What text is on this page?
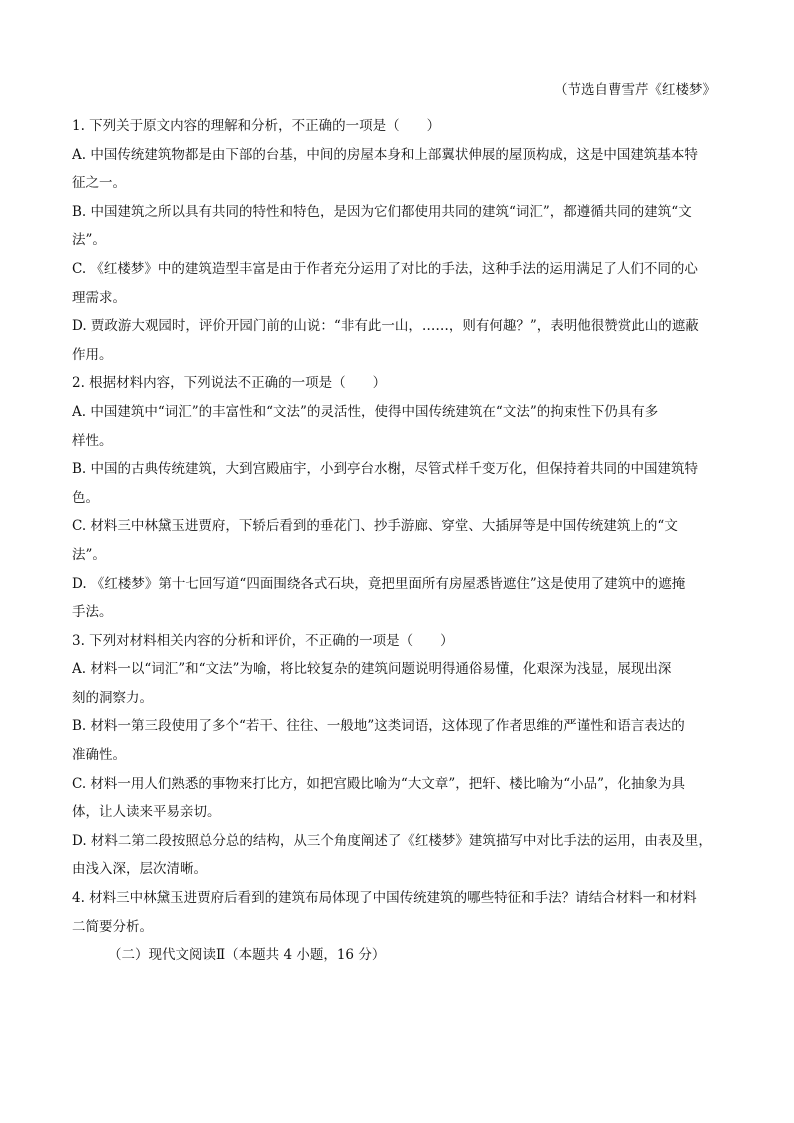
（节选自曹雪芹《红楼梦》
1. 下列关于原文内容的理解和分析，不正确的一项是（　　）
A. 中国传统建筑物都是由下部的台基，中间的房屋本身和上部翼状伸展的屋顶构成，这是中国建筑基本特
征之一。
B. 中国建筑之所以具有共同的特性和特色，是因为它们都使用共同的建筑“词汇”，都遵循共同的建筑“文
法”。
C. 《红楼梦》中的建筑造型丰富是由于作者充分运用了对比的手法，这种手法的运用满足了人们不同的心
理需求。
D. 贾政游大观园时，评价开园门前的山说：“非有此一山，……，则有何趣？”，表明他很赞赏此山的遮蔽
作用。
2. 根据材料内容，下列说法不正确的一项是（　　）
A. 中国建筑中“词汇”的丰富性和“文法”的灵活性，使得中国传统建筑在“文法”的拘束性下仍具有多
样性。
B. 中国的古典传统建筑，大到宫殿庙宇，小到亭台水榭，尽管式样千变万化，但保持着共同的中国建筑特
色。
C. 材料三中林黛玉进贾府，下轿后看到的垂花门、抄手游廊、穿堂、大插屏等是中国传统建筑上的“文
法”。
D. 《红楼梦》第十七回写道“四面围绕各式石块，竟把里面所有房屋悉皆遮住”这是使用了建筑中的遮掩
手法。
3. 下列对材料相关内容的分析和评价，不正确的一项是（　　）
A. 材料一以“词汇”和“文法”为喻，将比较复杂的建筑问题说明得通俗易懂，化艰深为浅显，展现出深
刻的洞察力。
B. 材料一第三段使用了多个“若干、往往、一般地”这类词语，这体现了作者思维的严谨性和语言表达的
准确性。
C. 材料一用人们熟悉的事物来打比方，如把宫殿比喻为“大文章”，把轩、楼比喻为“小品”，化抽象为具
体，让人读来平易亲切。
D. 材料二第二段按照总分总的结构，从三个角度阐述了《红楼梦》建筑描写中对比手法的运用，由表及里，
由浅入深，层次清晰。
4. 材料三中林黛玉进贾府后看到的建筑布局体现了中国传统建筑的哪些特征和手法？请结合材料一和材料
二简要分析。
（二）现代文阅读Ⅱ（本题共 4 小题，16 分）
